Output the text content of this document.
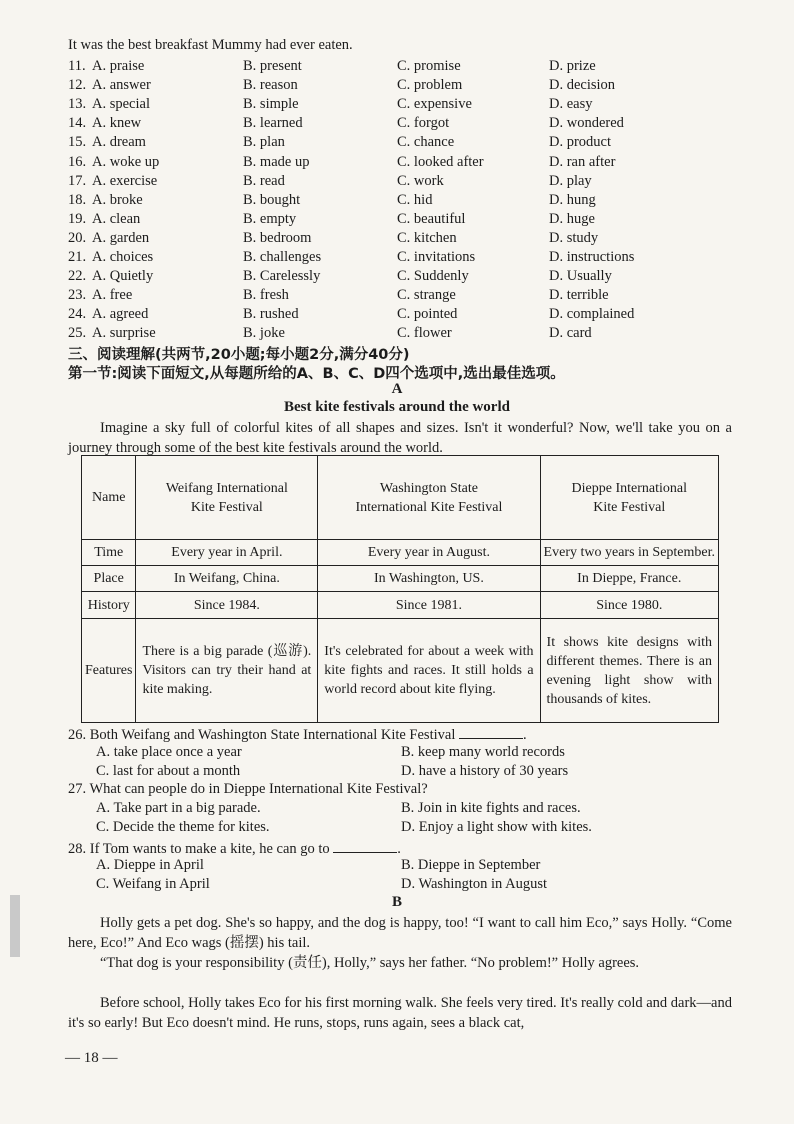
It was the best breakfast Mummy had ever eaten.
11. A. praise	B. present	C. promise	D. prize
12. A. answer	B. reason	C. problem	D. decision
13. A. special	B. simple	C. expensive	D. easy
14. A. knew	B. learned	C. forgot	D. wondered
15. A. dream	B. plan	C. chance	D. product
16. A. woke up	B. made up	C. looked after	D. ran after
17. A. exercise	B. read	C. work	D. play
18. A. broke	B. bought	C. hid	D. hung
19. A. clean	B. empty	C. beautiful	D. huge
20. A. garden	B. bedroom	C. kitchen	D. study
21. A. choices	B. challenges	C. invitations	D. instructions
22. A. Quietly	B. Carelessly	C. Suddenly	D. Usually
23. A. free	B. fresh	C. strange	D. terrible
24. A. agreed	B. rushed	C. pointed	D. complained
25. A. surprise	B. joke	C. flower	D. card
三、阅读理解(共两节,20小题;每小题2分,满分40分)
第一节:阅读下面短文,从每题所给的A、B、C、D四个选项中,选出最佳选项。
A
Best kite festivals around the world
Imagine a sky full of colorful kites of all shapes and sizes. Isn't it wonderful? Now, we'll take you on a journey through some of the best kite festivals around the world.
Name	Weifang International Kite Festival	Washington State International Kite Festival	Dieppe International Kite Festival
Time	Every year in April.	Every year in August.	Every two years in September.
Place	In Weifang, China.	In Washington, US.	In Dieppe, France.
History	Since 1984.	Since 1981.	Since 1980.
Features	There is a big parade (巡游). Visitors can try their hand at kite making.	It's celebrated for about a week with kite fights and races. It still holds a world record about kite flying.	It shows kite designs with different themes. There is an evening light show with thousands of kites.
26. Both Weifang and Washington State International Kite Festival	.
A. take place once a year	B. keep many world records
C. last for about a month	D. have a history of 30 years
27. What can people do in Dieppe International Kite Festival?
A. Take part in a big parade.	B. Join in kite fights and races.
C. Decide the theme for kites.	D. Enjoy a light show with kites.
28. If Tom wants to make a kite, he can go to	.
A. Dieppe in April	B. Dieppe in September
C. Weifang in April	D. Washington in August
B
Holly gets a pet dog. She's so happy, and the dog is happy, too! “I want to call him Eco,” says Holly. “Come here, Eco!” And Eco wags (摇摆) his tail.
“That dog is your responsibility (责任), Holly,” says her father. “No problem!” Holly agrees.
Before school, Holly takes Eco for his first morning walk. She feels very tired. It's really cold and dark—and it's so early! But Eco doesn't mind. He runs, stops, runs again, sees a black cat,
— 18 —
